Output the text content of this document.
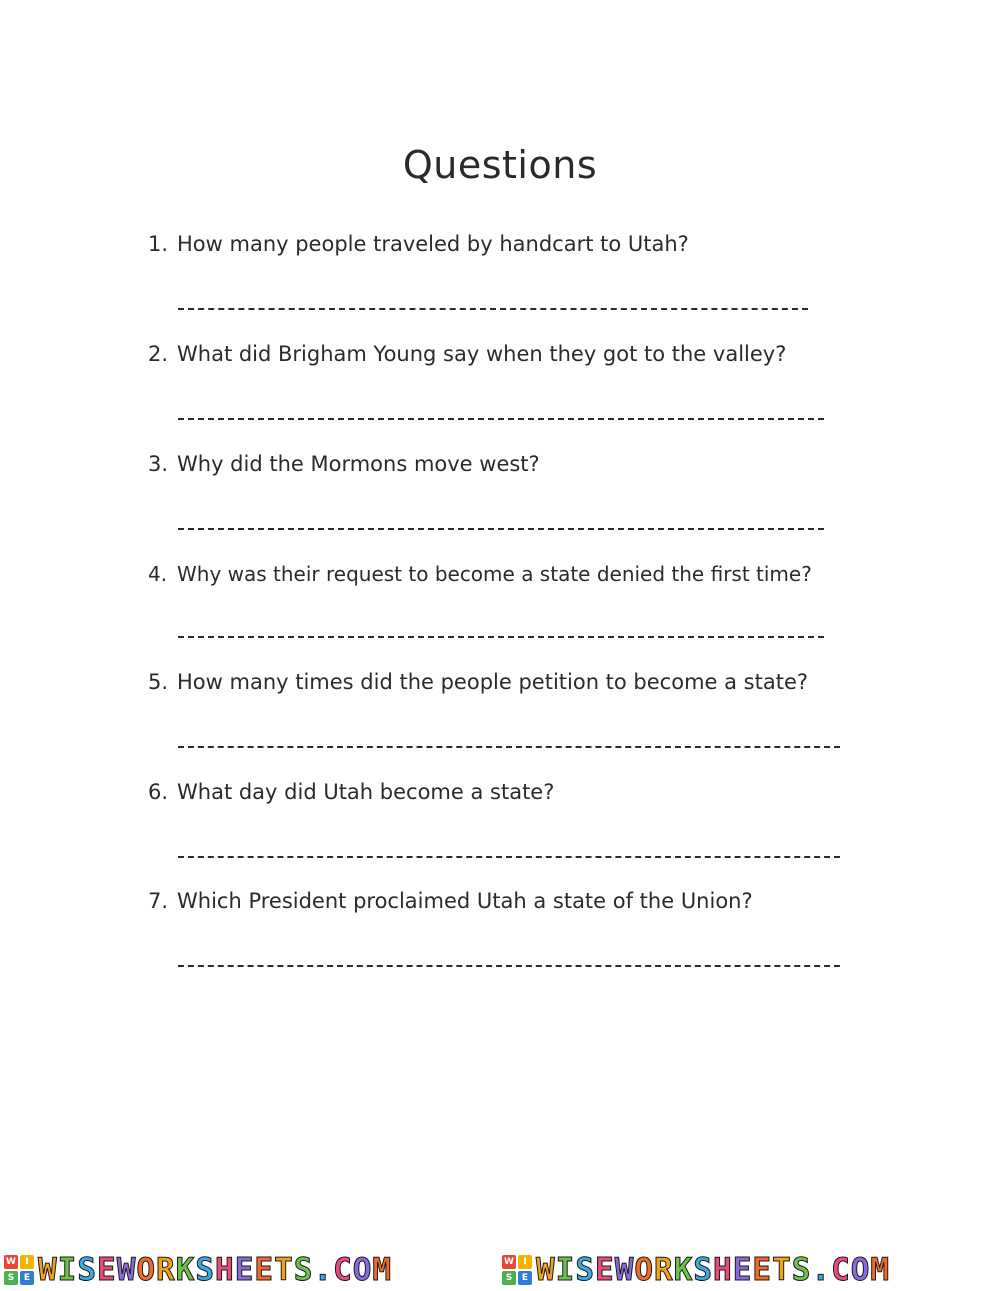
Questions
1. How many people traveled by handcart to Utah?
2. What did Brigham Young say when they got to the valley?
3. Why did the Mormons move west?
4. Why was their request to become a state denied the first time?
5. How many times did the people petition to become a state?
6. What day did Utah become a state?
7. Which President proclaimed Utah a state of the Union?
W	I
S	E WISEWORKSHEETS.COM	W	I
S	E WISEWORKSHEETS.COM
